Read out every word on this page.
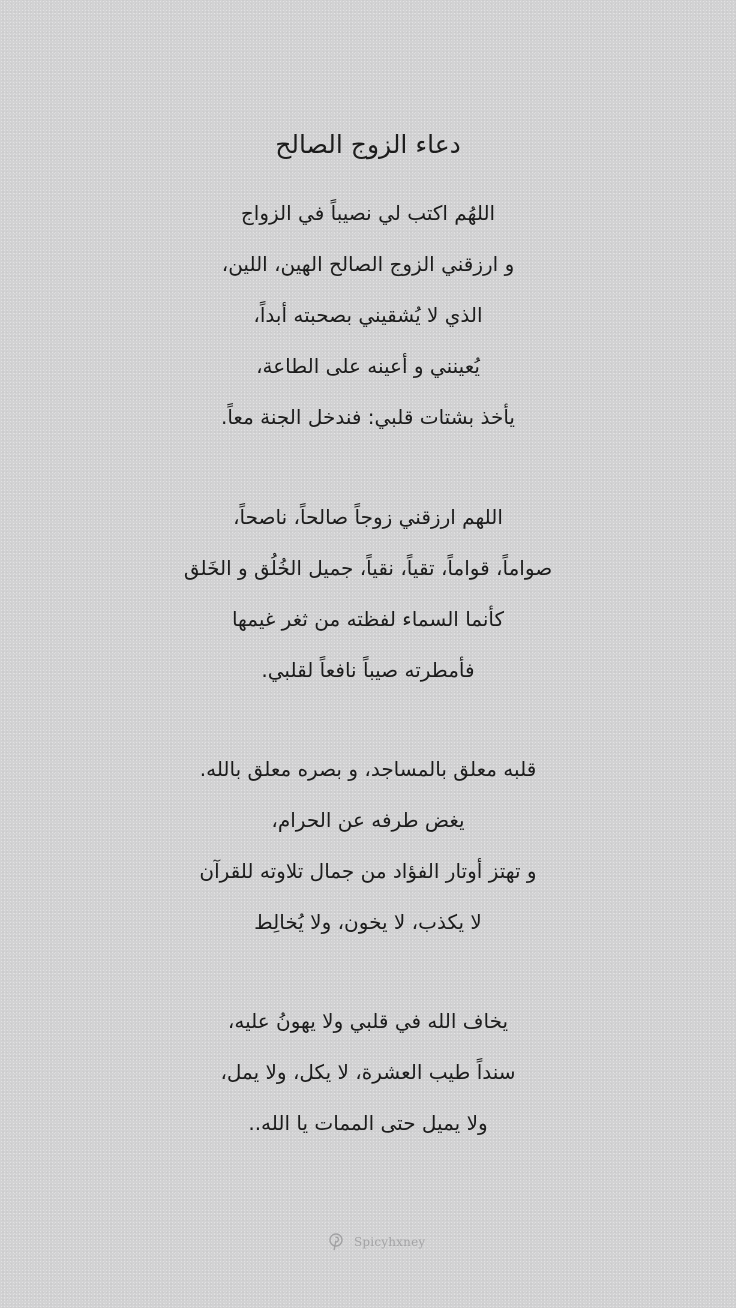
دعاء الزوج الصالح
اللهُم اكتب لي نصيباً في الزواج
و ارزقني الزوج الصالح الهين، اللين،
الذي لا يُشقيني بصحبته أبداً،
يُعينني و أعينه على الطاعة،
يأخذ بشتات قلبي: فندخل الجنة معاً.
اللهم ارزقني زوجاً صالحاً، ناصحاً،
صواماً، قواماً، تقياً، نقياً، جميل الخُلُق و الخَلق
كأنما السماء لفظته من ثغر غيمها
فأمطرته صيباً نافعاً لقلبي.
قلبه معلق بالمساجد، و بصره معلق بالله.
يغض طرفه عن الحرام،
و تهتز أوتار الفؤاد من جمال تلاوته للقرآن
لا يكذب، لا يخون، ولا يُخالِط
يخاف الله في قلبي ولا يهونُ عليه،
سنداً طيب العشرة، لا يكل، ولا يمل،
ولا يميل حتى الممات يا الله..
Spicyhxney
